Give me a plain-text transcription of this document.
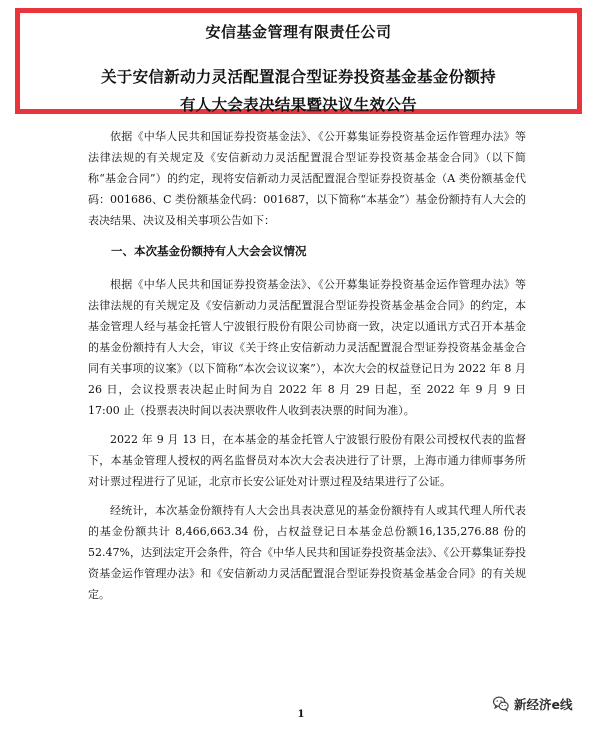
安信基金管理有限责任公司
关于安信新动力灵活配置混合型证券投资基金基金份额持
有人大会表决结果暨决议生效公告

依据《中华人民共和国证券投资基金法》、《公开募集证券投资基金运作管理办法》等法律法规的有关规定及《安信新动力灵活配置混合型证券投资基金基金合同》（以下简称“基金合同”）的约定，现将安信新动力灵活配置混合型证券投资基金（A 类份额基金代码：001686、C 类份额基金代码：001687，以下简称“本基金”）基金份额持有人大会的表决结果、决议及相关事项公告如下：

一、本次基金份额持有人大会会议情况

根据《中华人民共和国证券投资基金法》、《公开募集证券投资基金运作管理办法》等法律法规的有关规定及《安信新动力灵活配置混合型证券投资基金基金合同》的约定，本基金管理人经与基金托管人宁波银行股份有限公司协商一致，决定以通讯方式召开本基金的基金份额持有人大会，审议《关于终止安信新动力灵活配置混合型证券投资基金基金合同有关事项的议案》（以下简称“本次会议议案”），本次大会的权益登记日为 2022 年 8 月 26 日，会议投票表决起止时间为自 2022 年 8 月 29 日起，至 2022 年 9 月 9 日 17:00 止（投票表决时间以表决票收件人收到表决票的时间为准）。

2022 年 9 月 13 日，在本基金的基金托管人宁波银行股份有限公司授权代表的监督下，本基金管理人授权的两名监督员对本次大会表决进行了计票，上海市通力律师事务所对计票过程进行了见证，北京市长安公证处对计票过程及结果进行了公证。

经统计，本次基金份额持有人大会出具表决意见的基金份额持有人或其代理人所代表的基金份额共计 8,466,663.34 份，占权益登记日本基金总份额16,135,276.88 份的 52.47%，达到法定开会条件，符合《中华人民共和国证券投资基金法》、《公开募集证券投资基金运作管理办法》和《安信新动力灵活配置混合型证券投资基金基金合同》的有关规定。

1
新经济e线
